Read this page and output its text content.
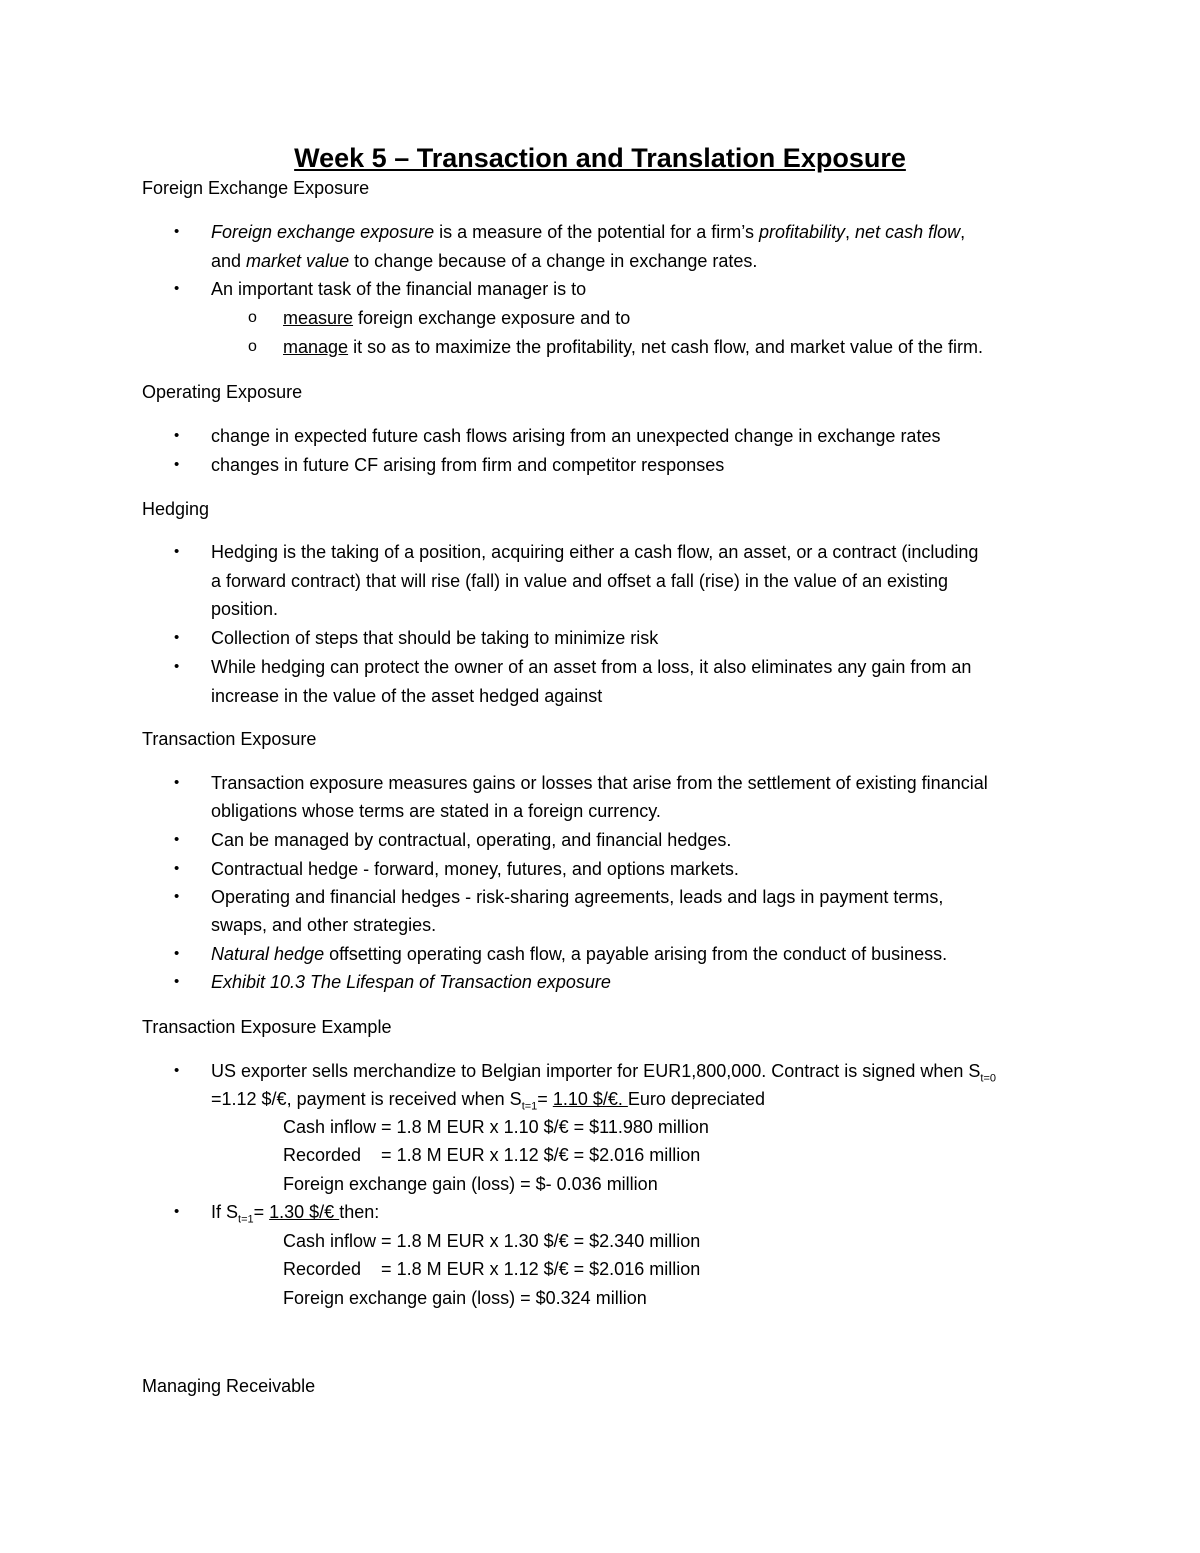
Week 5 – Transaction and Translation Exposure
Foreign Exchange Exposure
• Foreign exchange exposure is a measure of the potential for a firm’s profitability, net cash flow,
and market value to change because of a change in exchange rates.
• An important task of the financial manager is to
o measure foreign exchange exposure and to
o manage it so as to maximize the profitability, net cash flow, and market value of the firm.
Operating Exposure
• change in expected future cash flows arising from an unexpected change in exchange rates
• changes in future CF arising from firm and competitor responses
Hedging
• Hedging is the taking of a position, acquiring either a cash flow, an asset, or a contract (including
a forward contract) that will rise (fall) in value and offset a fall (rise) in the value of an existing
position.
• Collection of steps that should be taking to minimize risk
• While hedging can protect the owner of an asset from a loss, it also eliminates any gain from an
increase in the value of the asset hedged against
Transaction Exposure
• Transaction exposure measures gains or losses that arise from the settlement of existing financial
obligations whose terms are stated in a foreign currency.
• Can be managed by contractual, operating, and financial hedges.
• Contractual hedge - forward, money, futures, and options markets.
• Operating and financial hedges - risk-sharing agreements, leads and lags in payment terms,
swaps, and other strategies.
• Natural hedge offsetting operating cash flow, a payable arising from the conduct of business.
• Exhibit 10.3 The Lifespan of Transaction exposure
Transaction Exposure Example
• US exporter sells merchandize to Belgian importer for EUR1,800,000. Contract is signed when $S_{t=0}$
=1.12 $/€, payment is received when $S_{t=1}= 1.10$ $/€. Euro depreciated
Cash inflow = 1.8 M EUR x 1.10 $/€ = $11.980 million
Recorded    = 1.8 M EUR x 1.12 $/€ = $2.016 million
Foreign exchange gain (loss) = $- 0.036 million
• If $S_{t=1}= 1.30$ $/€ then:
Cash inflow = 1.8 M EUR x 1.30 $/€ = $2.340 million
Recorded    = 1.8 M EUR x 1.12 $/€ = $2.016 million
Foreign exchange gain (loss) = $0.324 million
Managing Receivable
